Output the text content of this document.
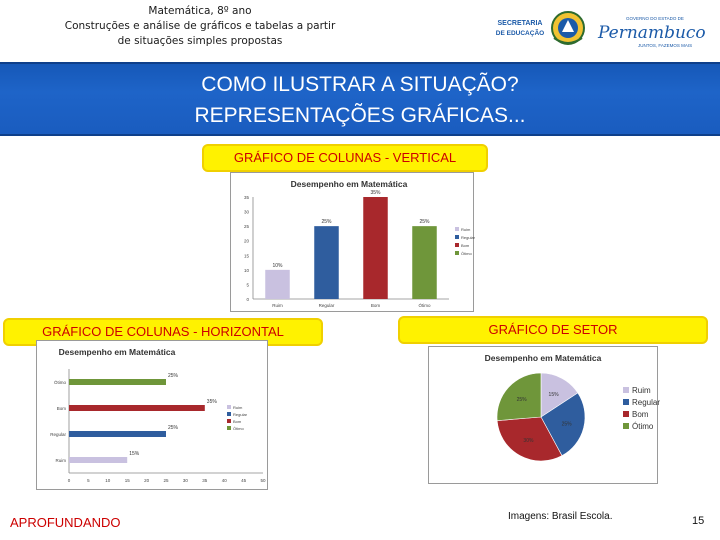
Matemática, 8º ano
Construções e análise de gráficos e tabelas a partir
de situações simples propostas
SECRETARIA
DE EDUCAÇÃO
GOVERNO DO ESTADO DE
Pernambuco
JUNTOS, FAZEMOS MAIS
COMO ILUSTRAR A SITUAÇÃO?
REPRESENTAÇÕES GRÁFICAS...
GRÁFICO DE COLUNAS - VERTICAL
GRÁFICO DE COLUNAS - HORIZONTAL	GRÁFICO DE SETOR
Desempenho em Matemática
0
5
10
15
20
25
30
35
10%
Ruim
25%
Regular
35%
Bom
25%
Ótimo
Ruim
Regular
Bom
Ótimo
Desempenho em Matemática
0	5	10	15	20	25	30	35	40	45	50
25%
Ótimo
35%
Bom
25%
Regular
15%
Ruim
Ruim
Regular
Bom
Ótimo
Desempenho em Matemática
15%
25%
30%
25%
Ruim
Regular
Bom
Ótimo
APROFUNDANDO	Imagens: Brasil Escola.	15
